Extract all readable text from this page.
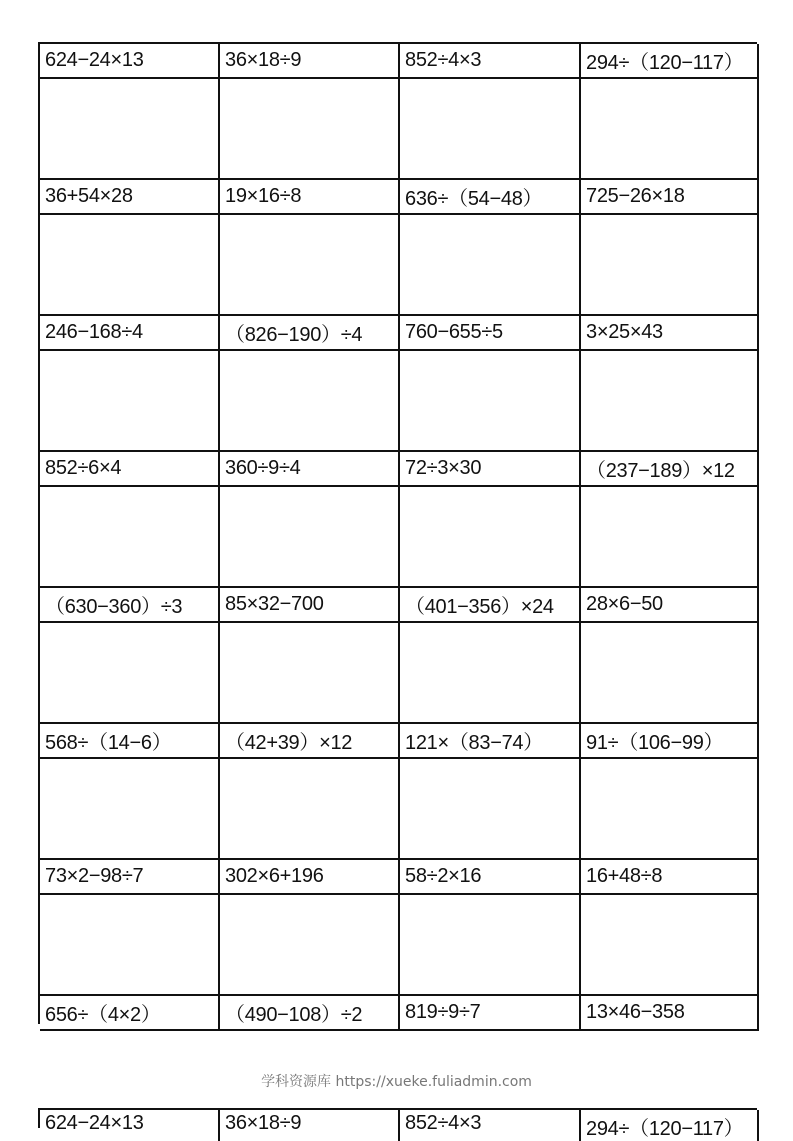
624−24×13	36×18÷9	852÷4×3	294÷（120−117）
36+54×28	19×16÷8	636÷（54−48）	725−26×18
246−168÷4	（826−190）÷4	760−655÷5	3×25×43
852÷6×4	360÷9÷4	72÷3×30	（237−189）×12
（630−360）÷3	85×32−700	（401−356）×24	28×6−50
568÷（14−6）	（42+39）×12	121×（83−74）	91÷（106−99）
73×2−98÷7	302×6+196	58÷2×16	16+48÷8
656÷（4×2）	（490−108）÷2	819÷9÷7	13×46−358
学科资源库 https://xueke.fuliadmin.com
624−24×13	36×18÷9	852÷4×3	294÷（120−117）
